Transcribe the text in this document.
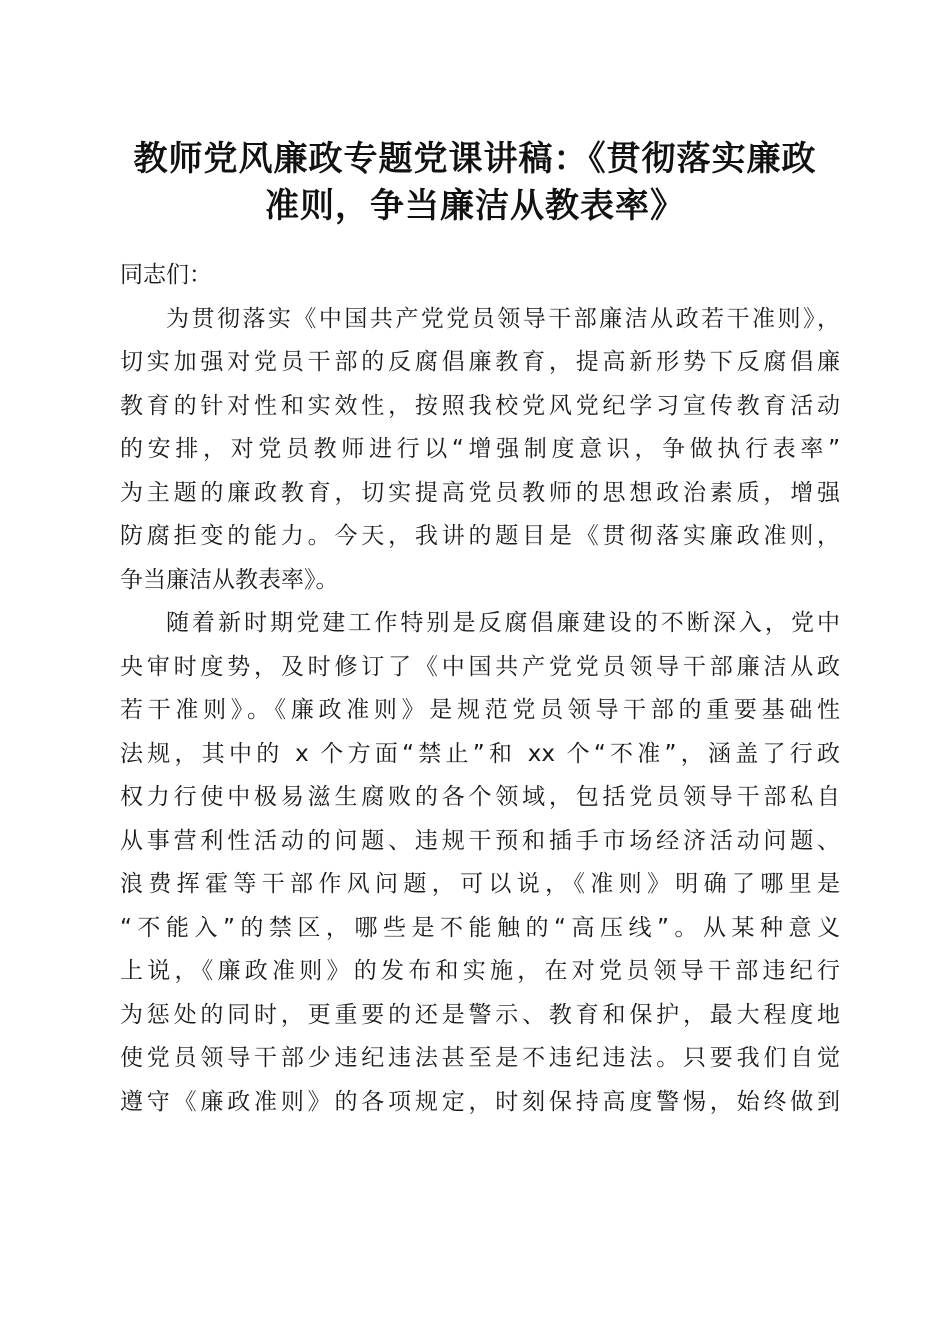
教师党风廉政专题党课讲稿：《贯彻落实廉政
准则，争当廉洁从教表率》
同志们：
为贯彻落实《中国共产党党员领导干部廉洁从政若干准则》，
切实加强对党员干部的反腐倡廉教育，提高新形势下反腐倡廉
教育的针对性和实效性，按照我校党风党纪学习宣传教育活动
的安排，对党员教师进行以“增强制度意识，争做执行表率”
为主题的廉政教育，切实提高党员教师的思想政治素质，增强
防腐拒变的能力。今天，我讲的题目是《贯彻落实廉政准则，
争当廉洁从教表率》。
随着新时期党建工作特别是反腐倡廉建设的不断深入，党中
央审时度势，及时修订了《中国共产党党员领导干部廉洁从政
若干准则》。《廉政准则》是规范党员领导干部的重要基础性
法规，其中的 x 个方面“禁止”和 xx 个“不准”，涵盖了行政
权力行使中极易滋生腐败的各个领域，包括党员领导干部私自
从事营利性活动的问题、违规干预和插手市场经济活动问题、
浪费挥霍等干部作风问题，可以说，《准则》明确了哪里是
“不能入”的禁区，哪些是不能触的“高压线”。从某种意义
上说，《廉政准则》的发布和实施，在对党员领导干部违纪行
为惩处的同时，更重要的还是警示、教育和保护，最大程度地
使党员领导干部少违纪违法甚至是不违纪违法。只要我们自觉
遵守《廉政准则》的各项规定，时刻保持高度警惕，始终做到
